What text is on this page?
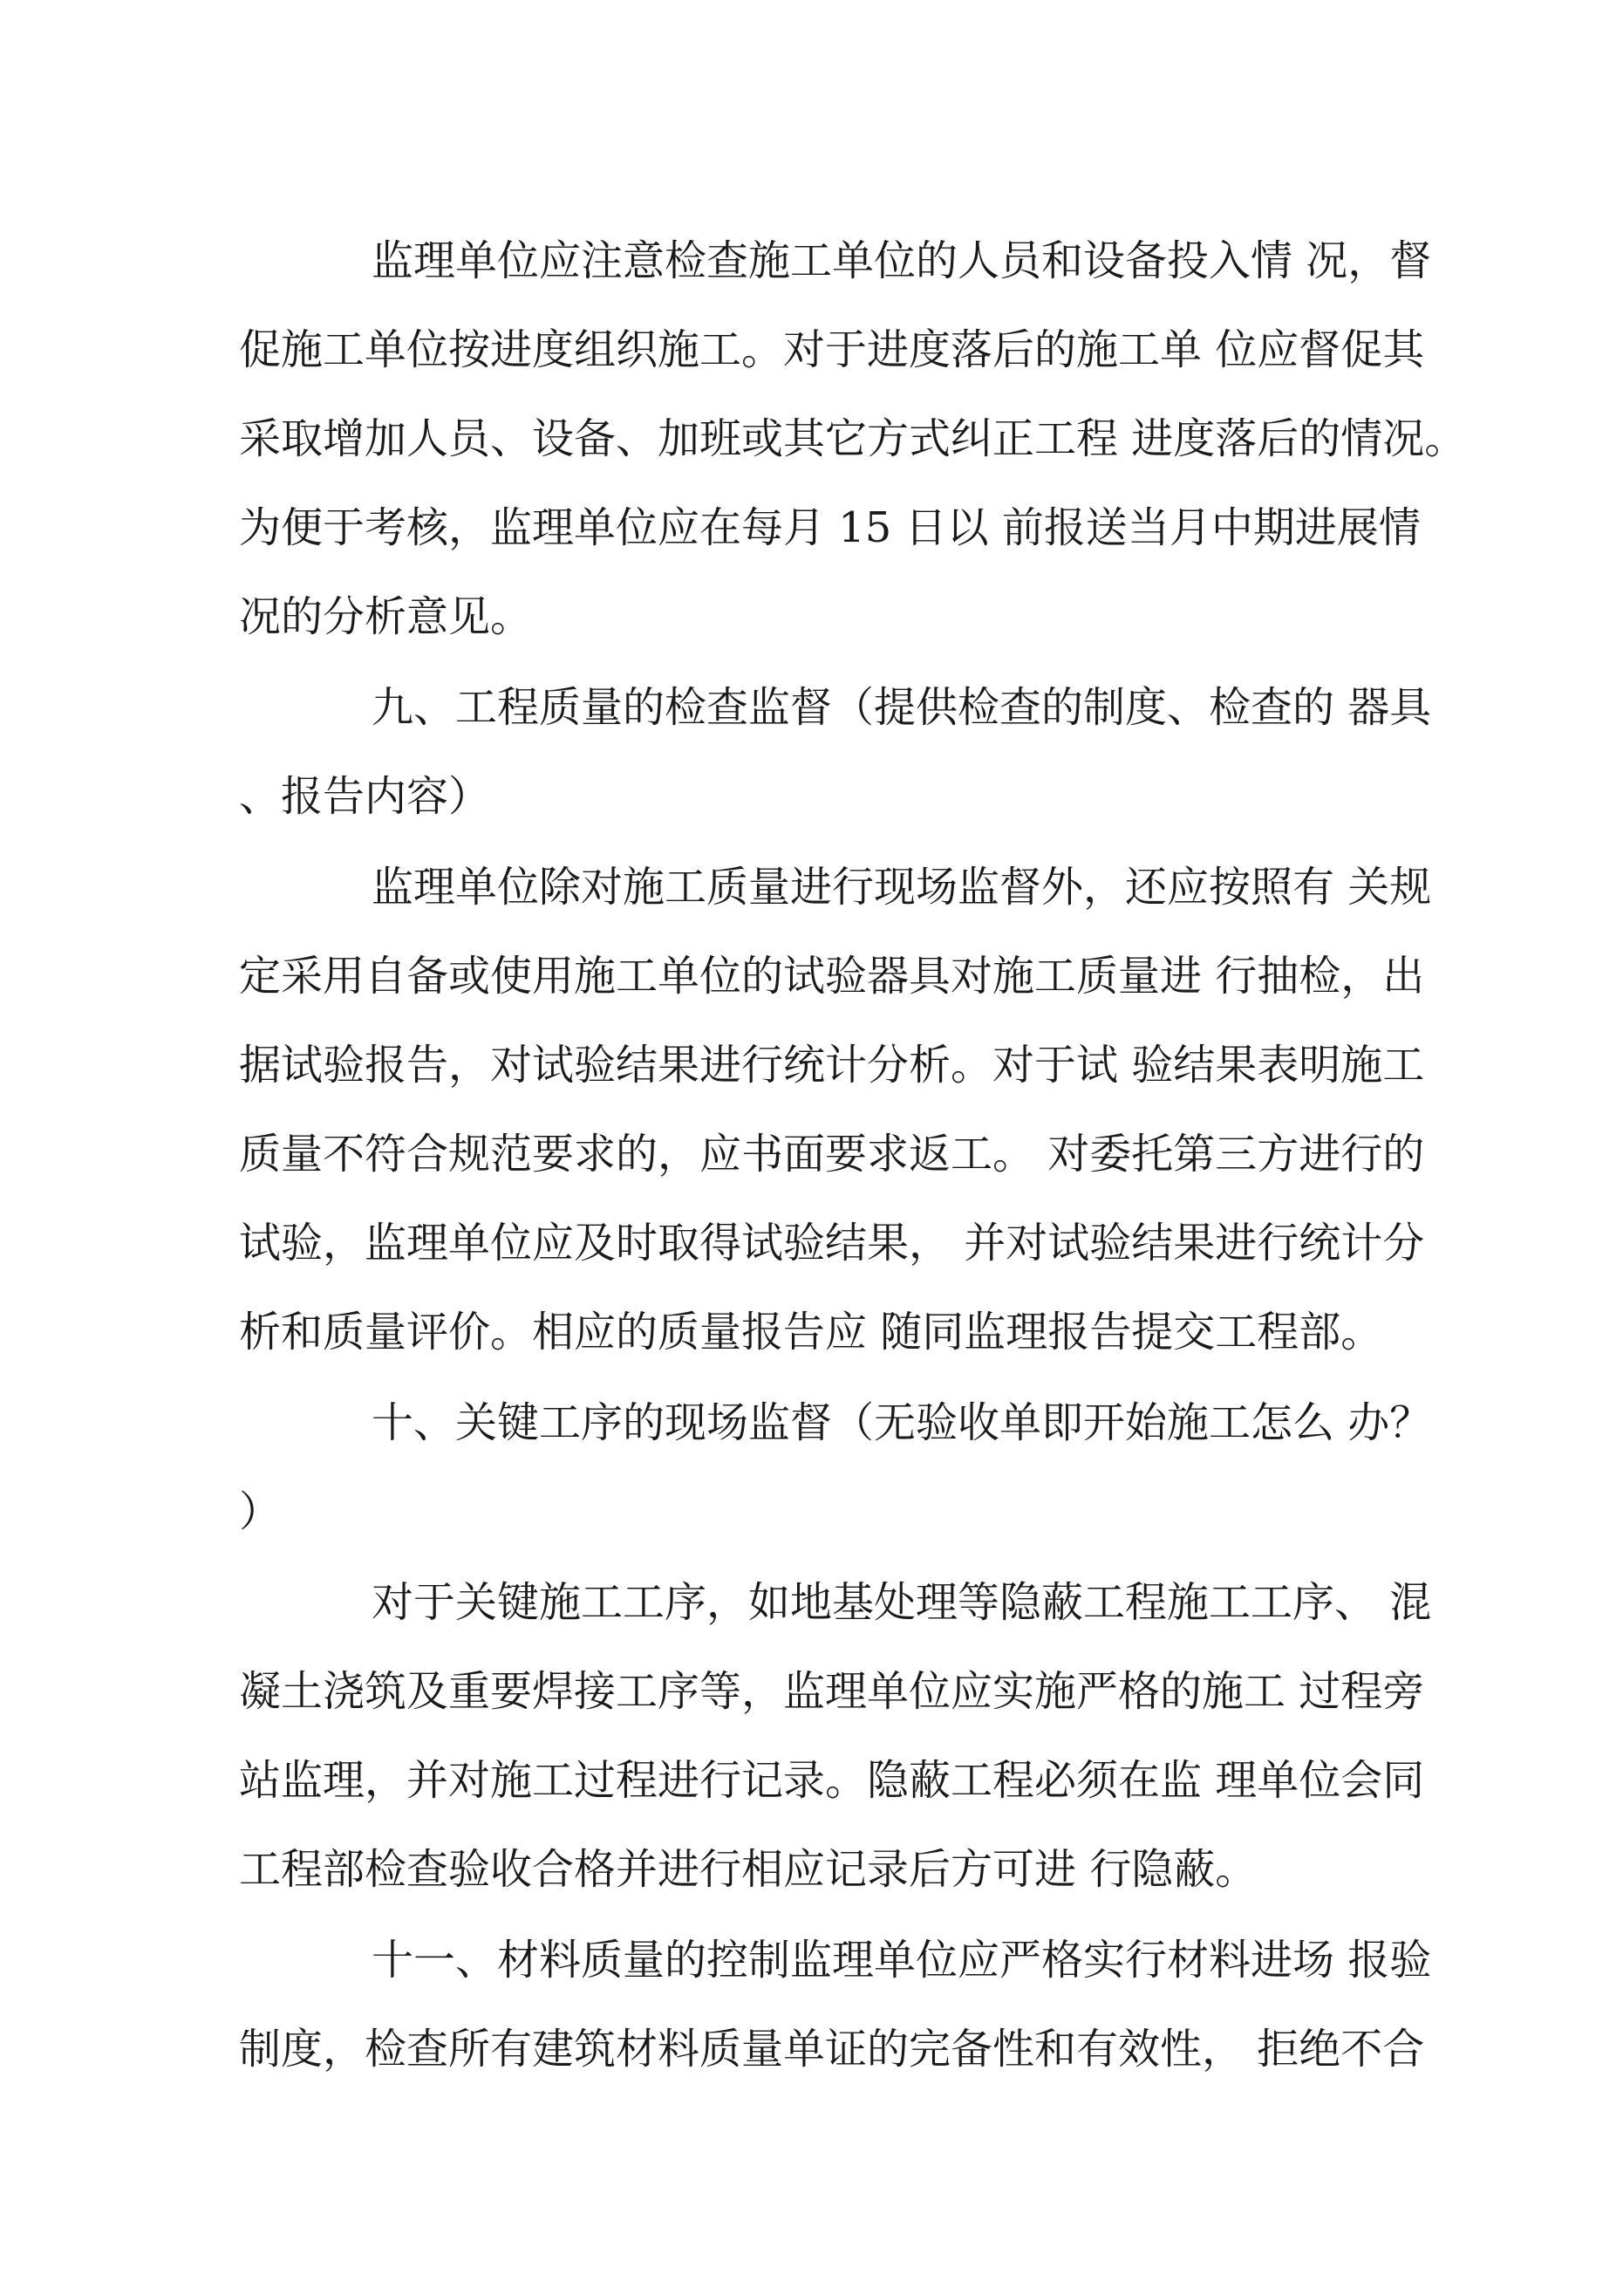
监理单位应注意检查施工单位的人员和设备投入情 况，督
促施工单位按进度组织施工。对于进度落后的施工单 位应督促其
采取增加人员、设备、加班或其它方式纠正工程 进度落后的情况。
为便于考核，监理单位应在每月 15 日以 前报送当月中期进展情
况的分析意见。
九、工程质量的检查监督（提供检查的制度、检查的 器具
、报告内容）
监理单位除对施工质量进行现场监督外，还应按照有 关规
定采用自备或使用施工单位的试验器具对施工质量进 行抽检，出
据试验报告，对试验结果进行统计分析。对于试 验结果表明施工
质量不符合规范要求的，应书面要求返工。 对委托第三方进行的
试验，监理单位应及时取得试验结果， 并对试验结果进行统计分
析和质量评价。相应的质量报告应 随同监理报告提交工程部。
十、关键工序的现场监督（无验收单即开始施工怎么 办？
）
对于关键施工工序，如地基处理等隐蔽工程施工工序、 混
凝土浇筑及重要焊接工序等，监理单位应实施严格的施工 过程旁
站监理，并对施工过程进行记录。隐蔽工程必须在监 理单位会同
工程部检查验收合格并进行相应记录后方可进 行隐蔽。
十一、材料质量的控制监理单位应严格实行材料进场 报验
制度，检查所有建筑材料质量单证的完备性和有效性， 拒绝不合
